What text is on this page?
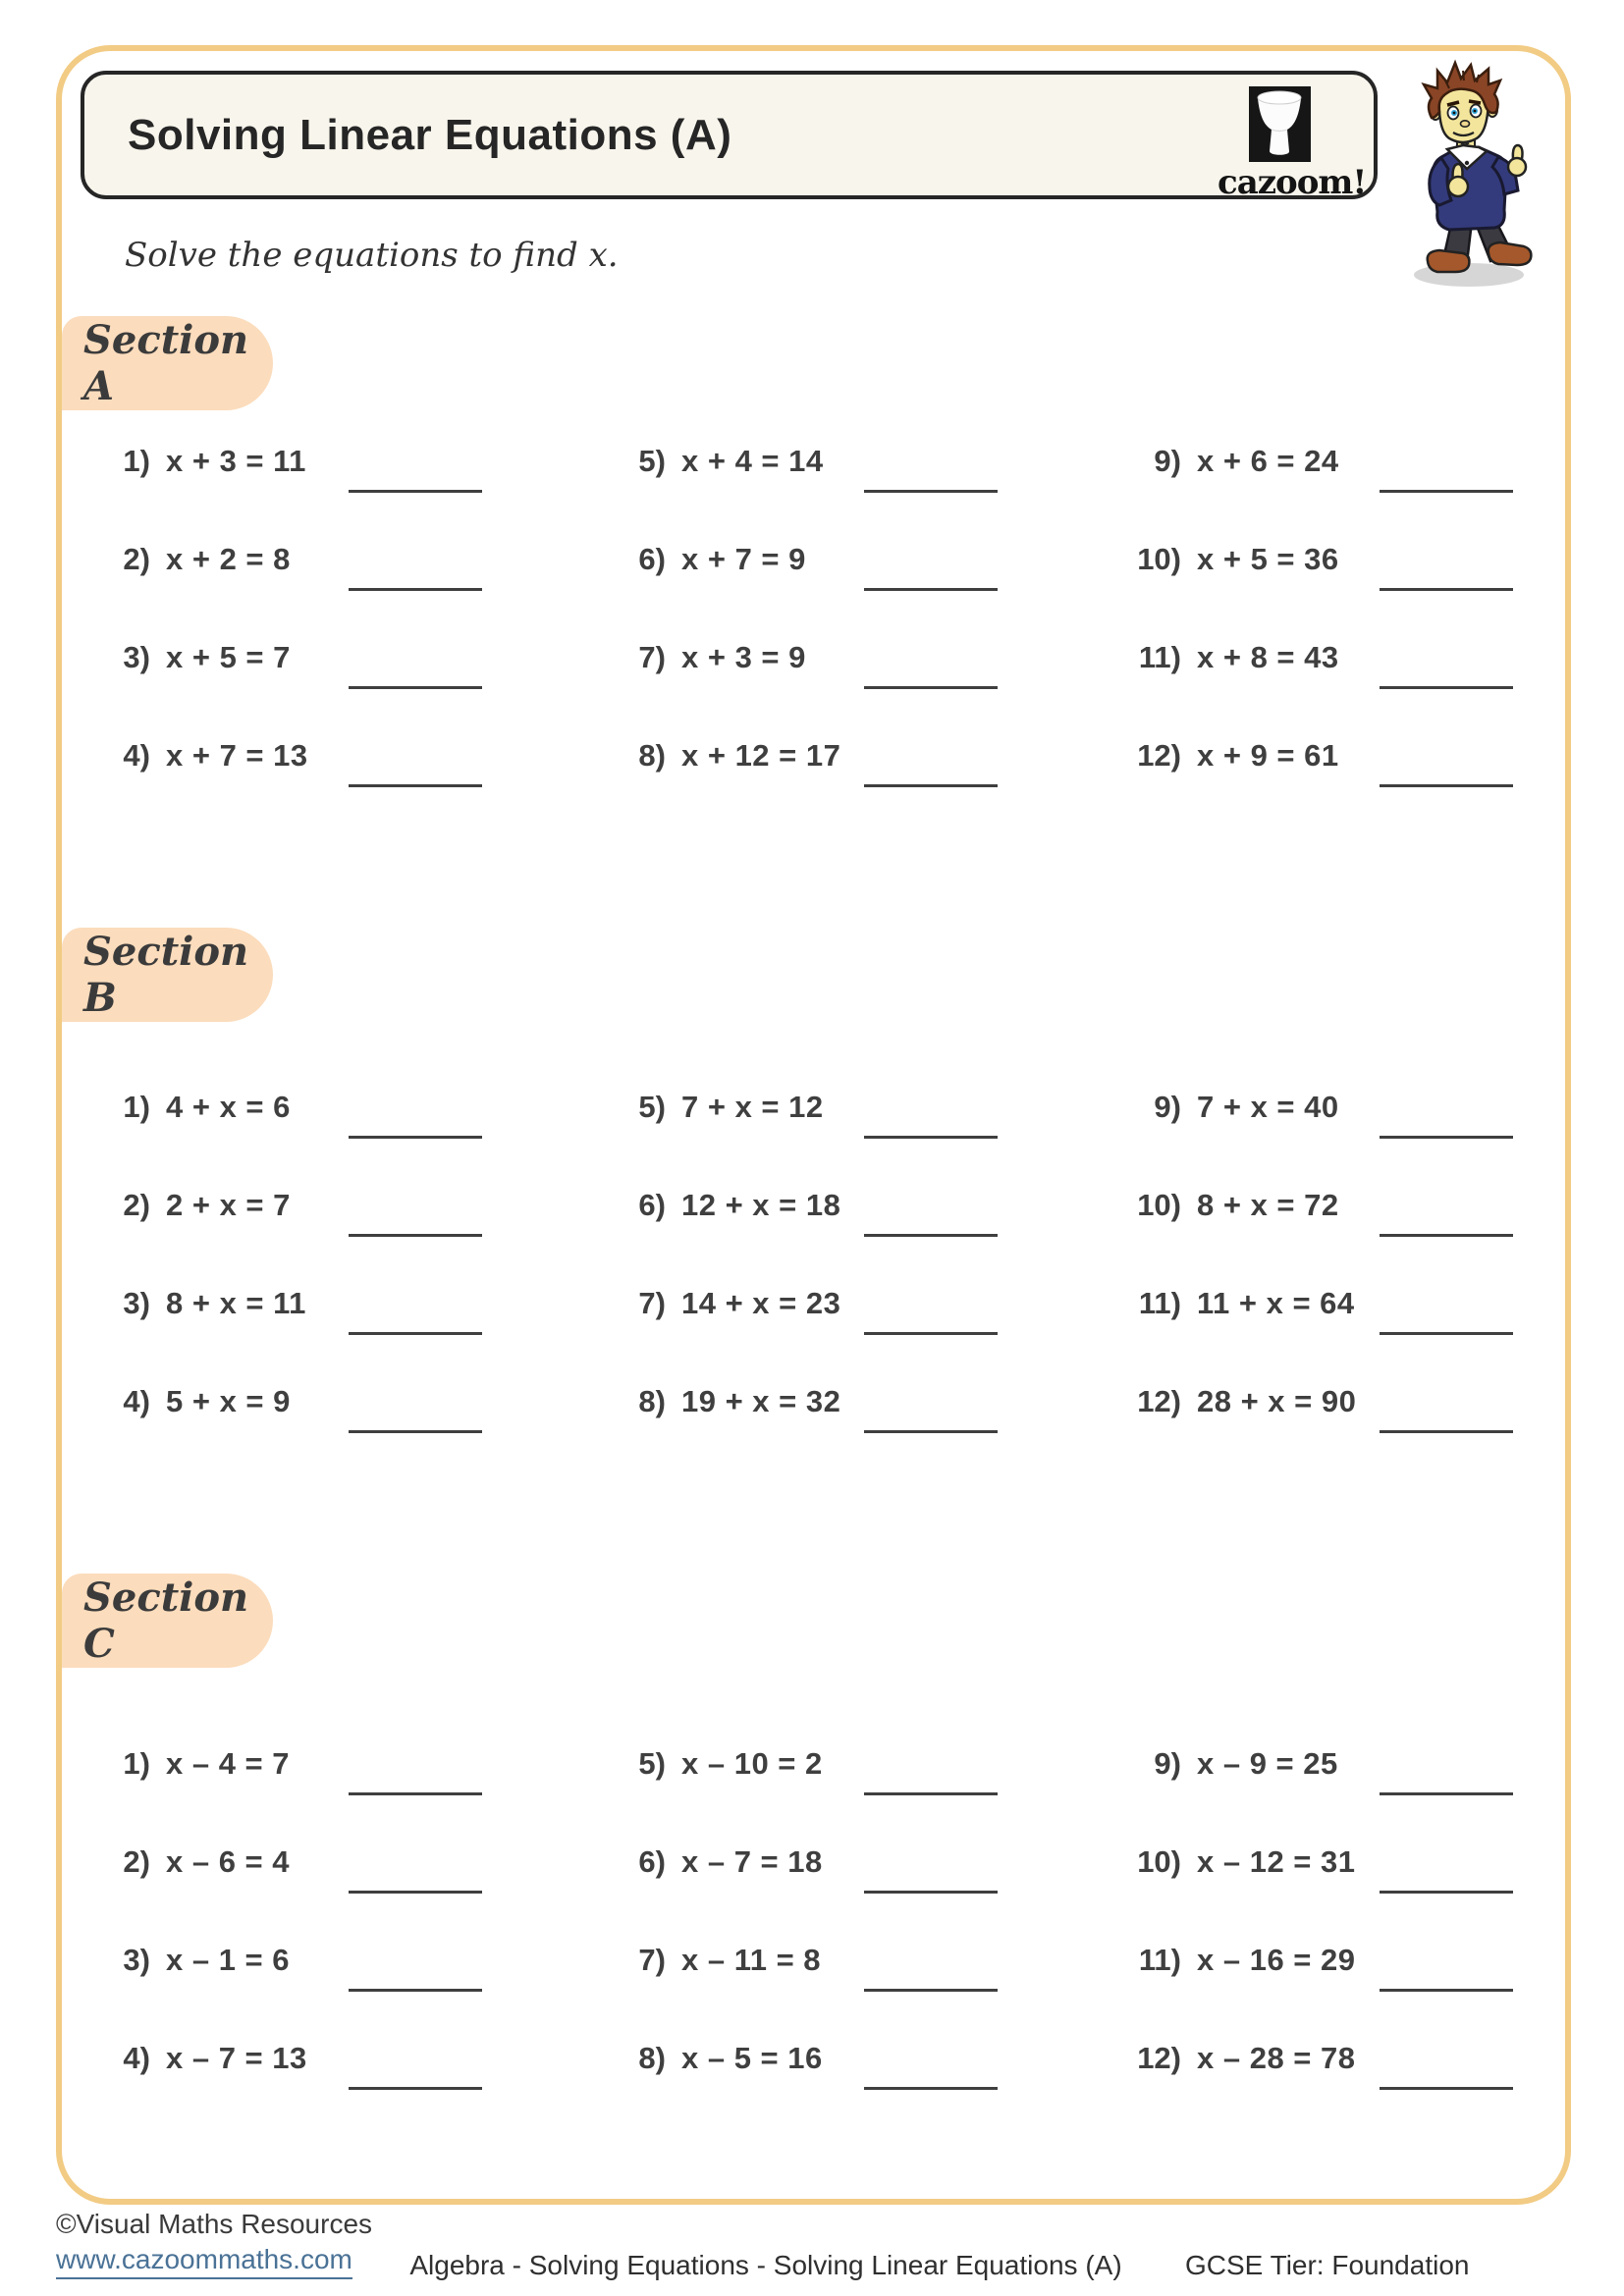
Solving Linear Equations (A)
cazoom!
Solve the equations to find x.
Section A
Section B
Section C
1) x + 3 = 11
2) x + 2 = 8
3) x + 5 = 7
4) x + 7 = 13
5) x + 4 = 14
6) x + 7 = 9
7) x + 3 = 9
8) x + 12 = 17
9) x + 6 = 24
10) x + 5 = 36
11) x + 8 = 43
12) x + 9 = 61
1) 4 + x = 6
2) 2 + x = 7
3) 8 + x = 11
4) 5 + x = 9
5) 7 + x = 12
6) 12 + x = 18
7) 14 + x = 23
8) 19 + x = 32
9) 7 + x = 40
10) 8 + x = 72
11) 11 + x = 64
12) 28 + x = 90
1) x – 4 = 7
2) x – 6 = 4
3) x – 1 = 6
4) x – 7 = 13
5) x – 10 = 2
6) x – 7 = 18
7) x – 11 = 8
8) x – 5 = 16
9) x – 9 = 25
10) x – 12 = 31
11) x – 16 = 29
12) x – 28 = 78
©Visual Maths Resources
www.cazoommaths.com	Algebra - Solving Equations - Solving Linear Equations (A)	GCSE Tier: Foundation
